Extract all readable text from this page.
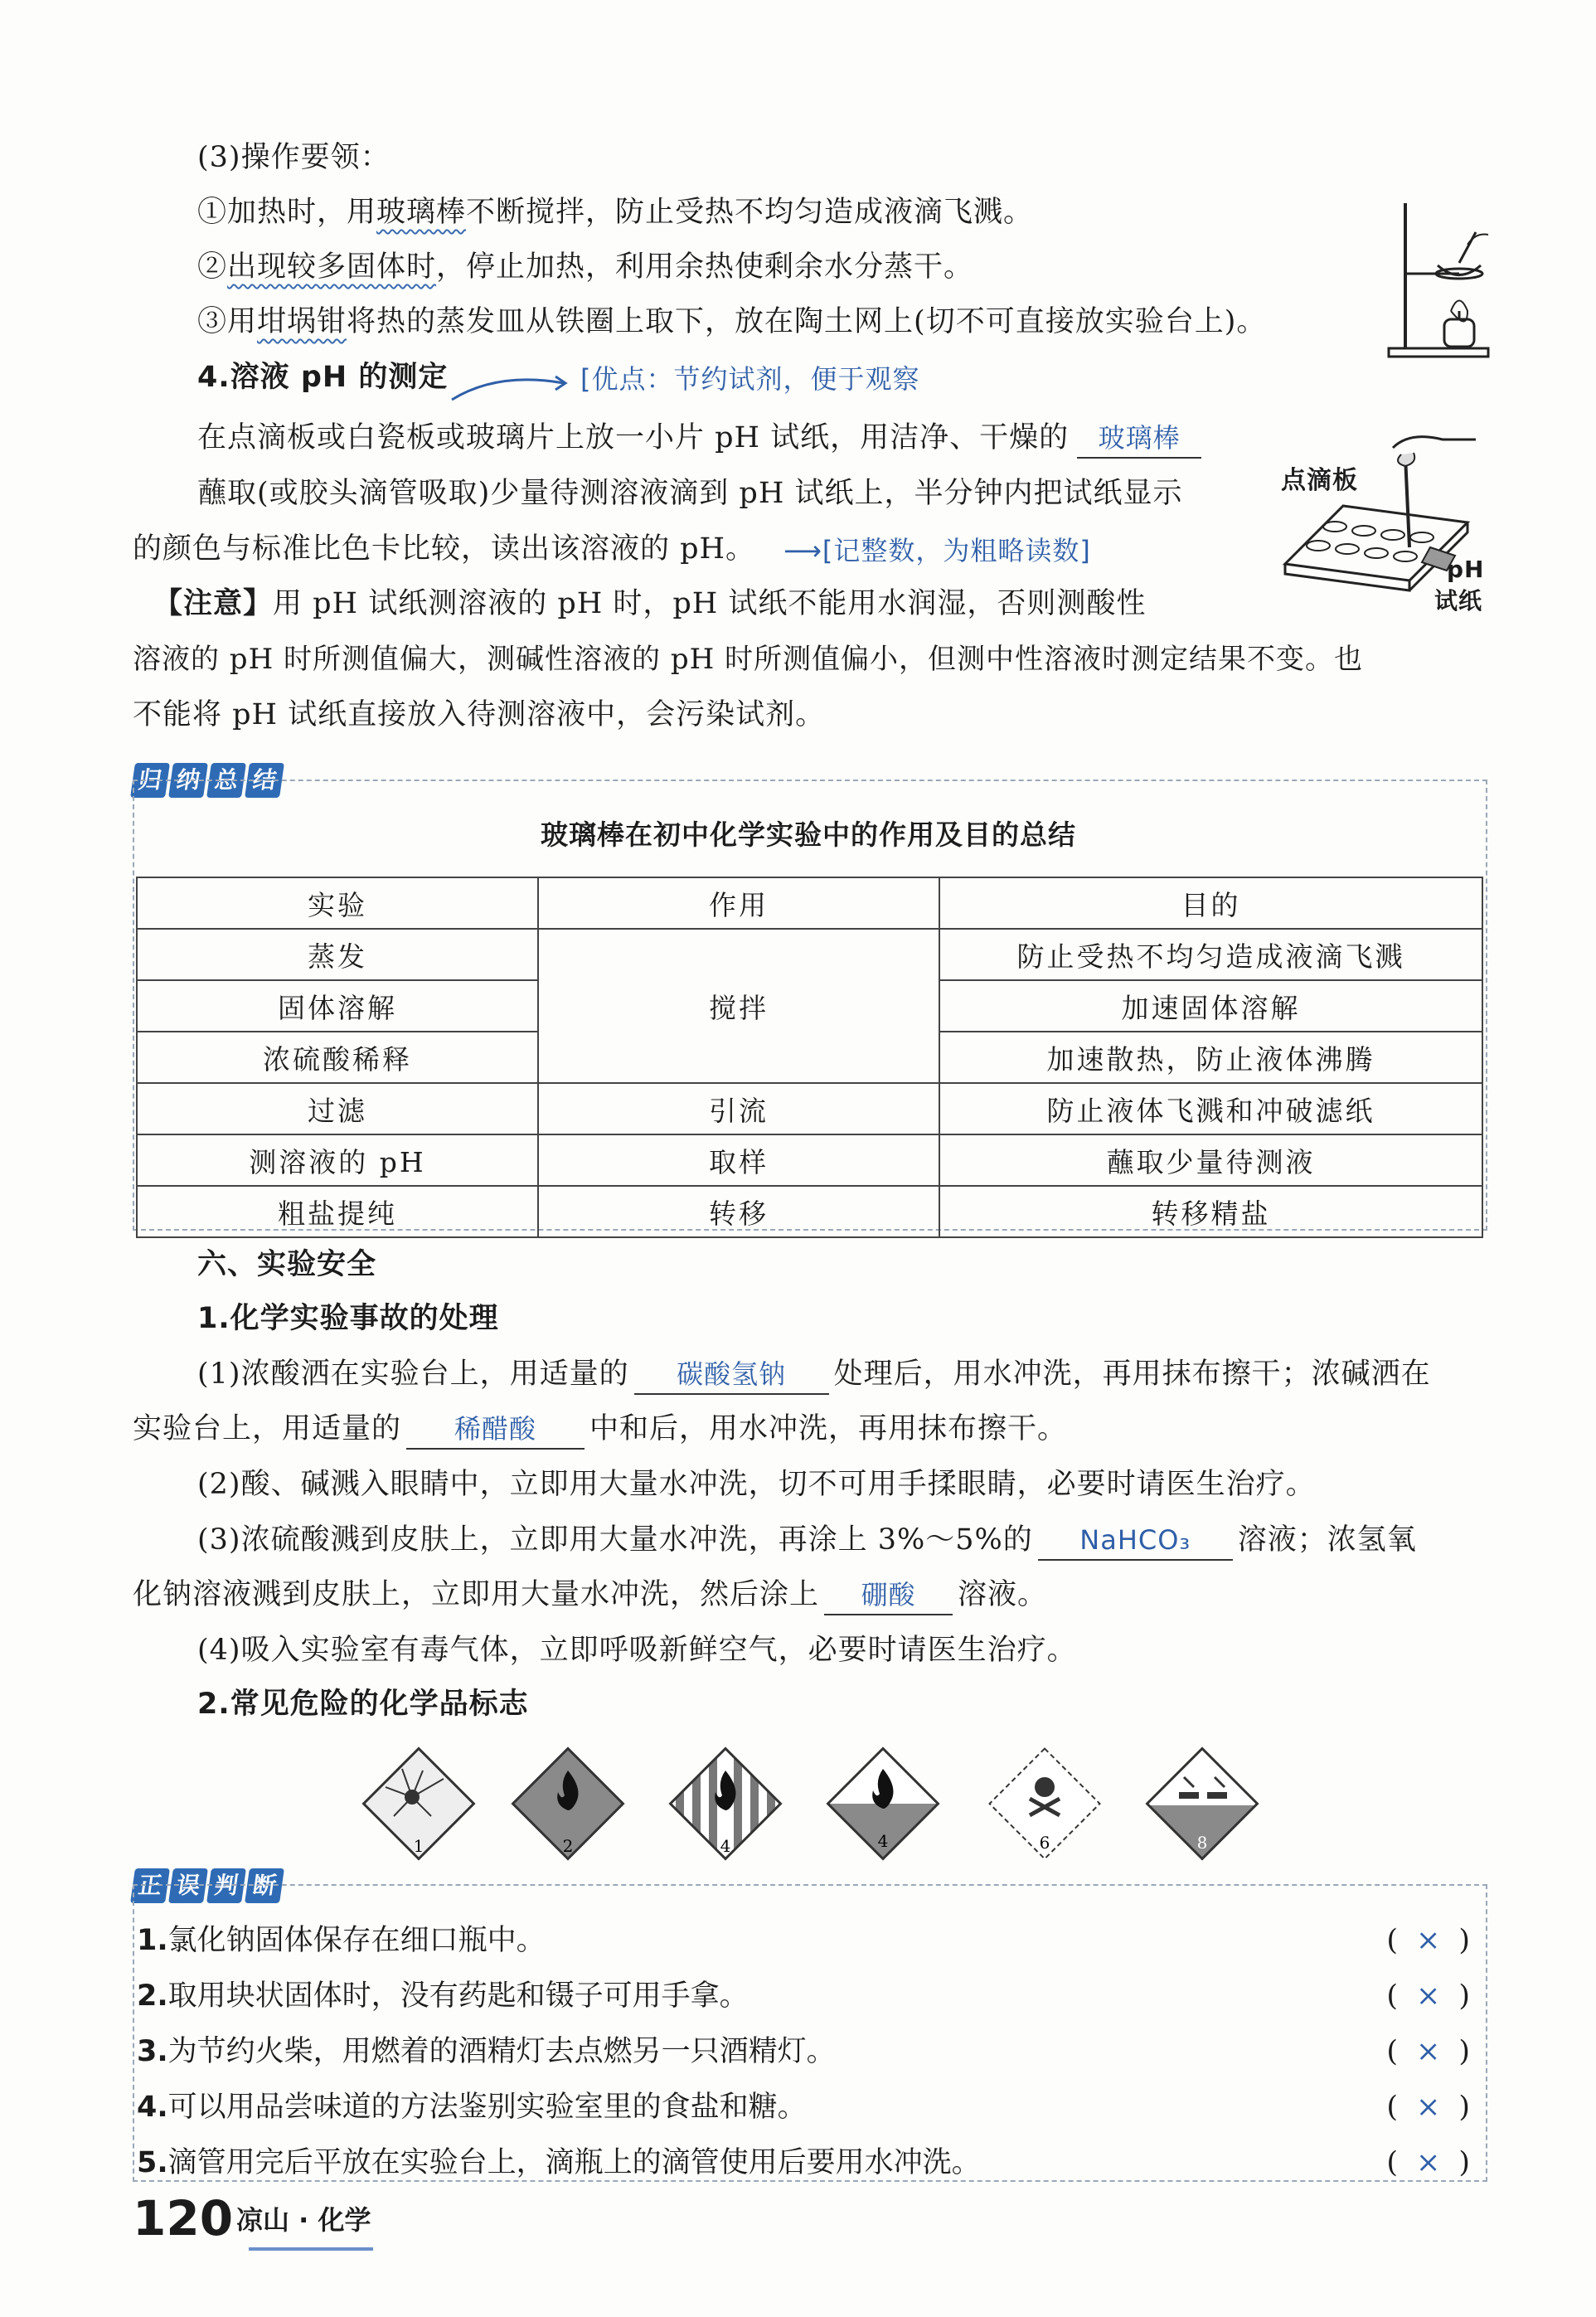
(3)操作要领：
①加热时，用玻璃棒不断搅拌，防止受热不均匀造成液滴飞溅。
②出现较多固体时，停止加热，利用余热使剩余水分蒸干。
③用坩埚钳将热的蒸发皿从铁圈上取下，放在陶土网上(切不可直接放实验台上)。
4.溶液 pH 的测定	[优点：节约试剂，便于观察
在点滴板或白瓷板或玻璃片上放一小片 pH 试纸，用洁净、干燥的 玻璃棒
蘸取(或胶头滴管吸取)少量待测溶液滴到 pH 试纸上，半分钟内把试纸显示
的颜色与标准比色卡比较，读出该溶液的 pH。 ⟶[记整数，为粗略读数]
点滴板
pH
试纸
【注意】用 pH 试纸测溶液的 pH 时，pH 试纸不能用水润湿，否则测酸性
溶液的 pH 时所测值偏大，测碱性溶液的 pH 时所测值偏小，但测中性溶液时测定结果不变。也
不能将 pH 试纸直接放入待测溶液中，会污染试剂。
归 纳 总 结
玻璃棒在初中化学实验中的作用及目的总结
实验	作用	目的
蒸发	搅拌	防止受热不均匀造成液滴飞溅
固体溶解		加速固体溶解
浓硫酸稀释		加速散热，防止液体沸腾
过滤	引流	防止液体飞溅和冲破滤纸
测溶液的 pH	取样	蘸取少量待测液
粗盐提纯	转移	转移精盐
六、实验安全
1.化学实验事故的处理
(1)浓酸洒在实验台上，用适量的 碳酸氢钠 处理后，用水冲洗，再用抹布擦干；浓碱洒在
实验台上，用适量的 稀醋酸 中和后，用水冲洗，再用抹布擦干。
(2)酸、碱溅入眼睛中，立即用大量水冲洗，切不可用手揉眼睛，必要时请医生治疗。
(3)浓硫酸溅到皮肤上，立即用大量水冲洗，再涂上 3%～5%的 NaHCO₃ 溶液；浓氢氧
化钠溶液溅到皮肤上，立即用大量水冲洗，然后涂上 硼酸 溶液。
(4)吸入实验室有毒气体，立即呼吸新鲜空气，必要时请医生治疗。
2.常见危险的化学品标志
1	2	4	4	6	8
正 误 判 断
1.氯化钠固体保存在细口瓶中。	(×)
2.取用块状固体时，没有药匙和镊子可用手拿。	(×)
3.为节约火柴，用燃着的酒精灯去点燃另一只酒精灯。	(×)
4.可以用品尝味道的方法鉴别实验室里的食盐和糖。	(×)
5.滴管用完后平放在实验台上，滴瓶上的滴管使用后要用水冲洗。	(×)
120 凉山 · 化学
